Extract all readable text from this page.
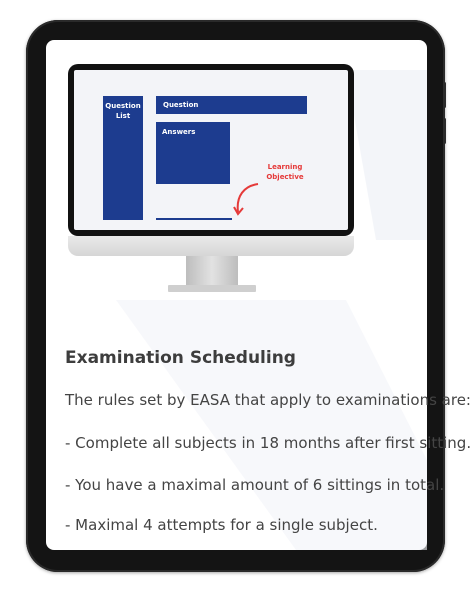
Question List
Question
Answers
Learning Objective
Examination Scheduling

The rules set by EASA that apply to examinations are:

- Complete all subjects in 18 months after first sitting.

- You have a maximal amount of 6 sittings in total.

- Maximal 4 attempts for a single subject.
